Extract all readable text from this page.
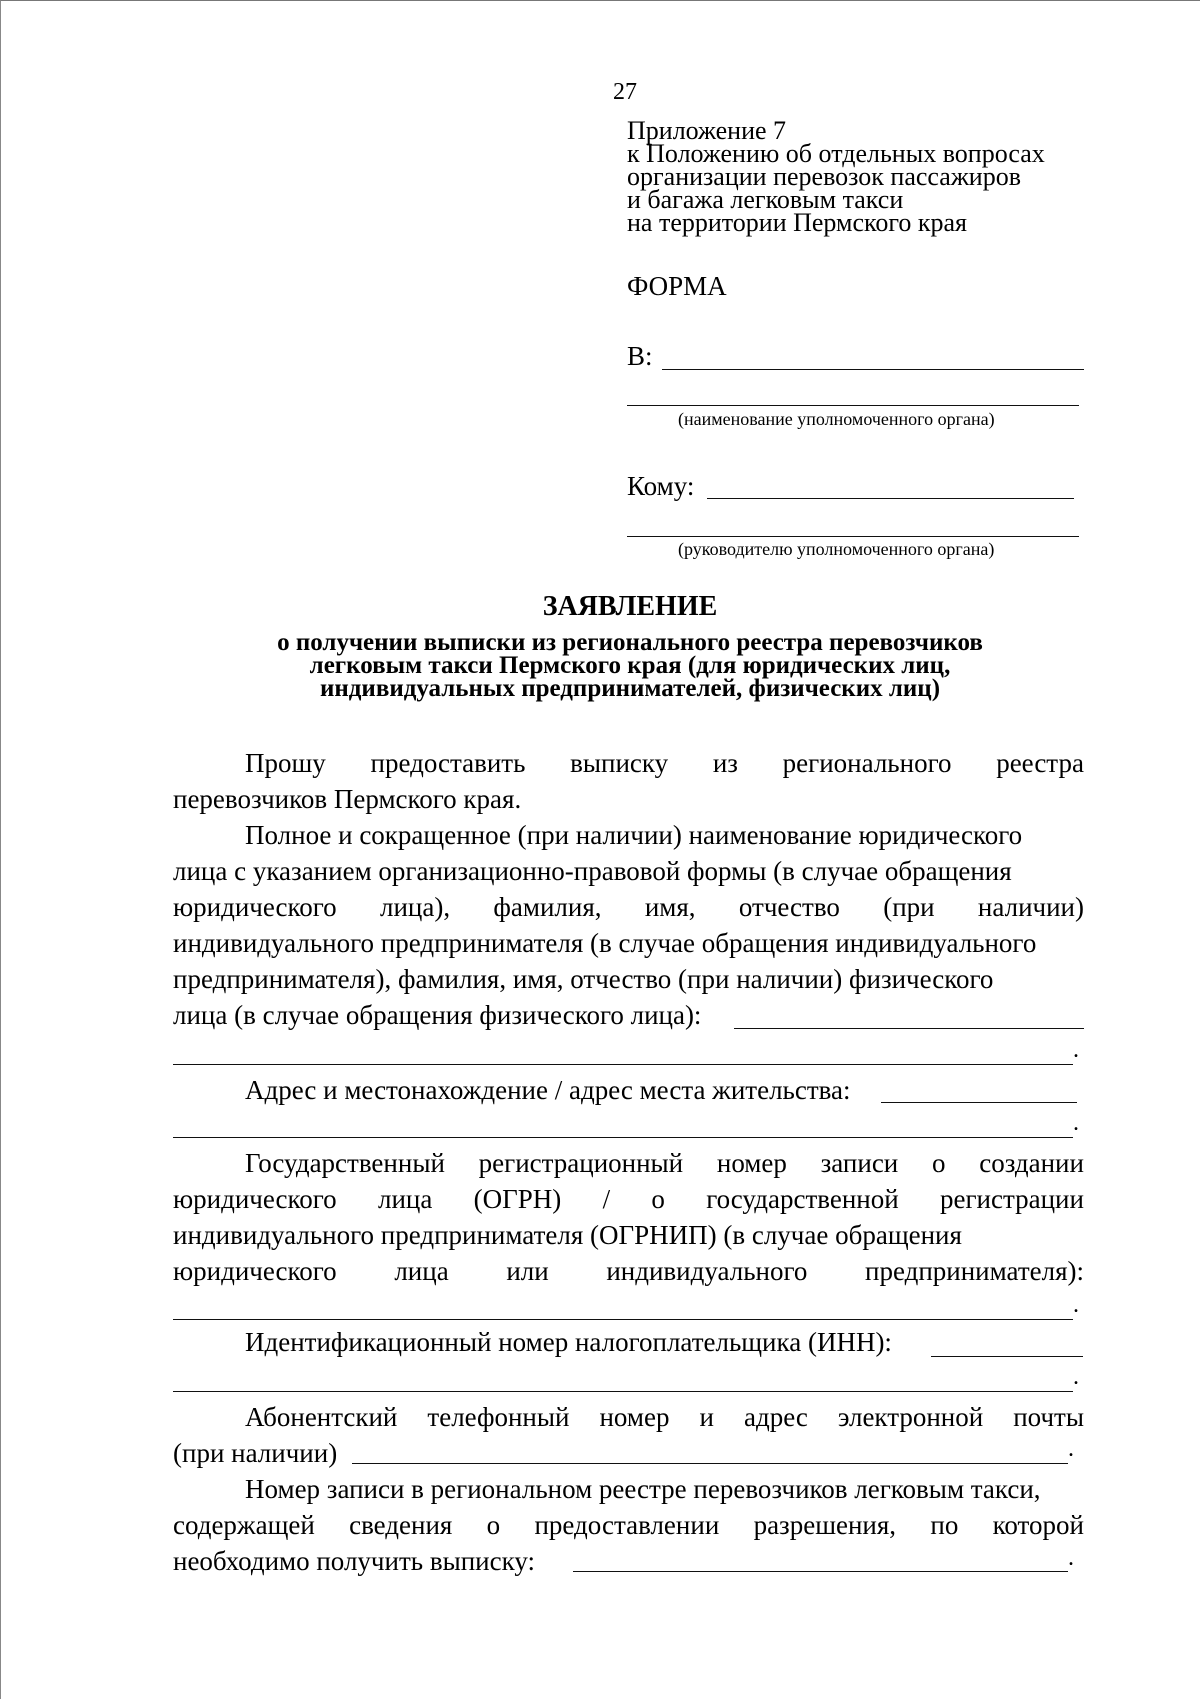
27
Приложение 7
к Положению об отдельных вопросах
организации перевозок пассажиров
и багажа легковым такси
на территории Пермского края
ФОРМА
В:
(наименование уполномоченного органа)
Кому:
(руководителю уполномоченного органа)
ЗАЯВЛЕНИЕ
о получении выписки из регионального реестра перевозчиков
легковым такси Пермского края (для юридических лиц,
индивидуальных предпринимателей, физических лиц)
Прошу предоставить выписку из регионального реестра
перевозчиков Пермского края.
Полное и сокращенное (при наличии) наименование юридического
лица с указанием организационно-правовой формы (в случае обращения
юридического лица), фамилия, имя, отчество (при наличии)
индивидуального предпринимателя (в случае обращения индивидуального
предпринимателя), фамилия, имя, отчество (при наличии) физического
лица (в случае обращения физического лица):
.
Адрес и местонахождение / адрес места жительства:
.
Государственный регистрационный номер записи о создании
юридического лица (ОГРН) / о государственной регистрации
индивидуального предпринимателя (ОГРНИП) (в случае обращения
юридического лица или индивидуального предпринимателя):
.
Идентификационный номер налогоплательщика (ИНН):
.
Абонентский телефонный номер и адрес электронной почты
(при наличии)	.
Номер записи в региональном реестре перевозчиков легковым такси,
содержащей сведения о предоставлении разрешения, по которой
необходимо получить выписку:	.
